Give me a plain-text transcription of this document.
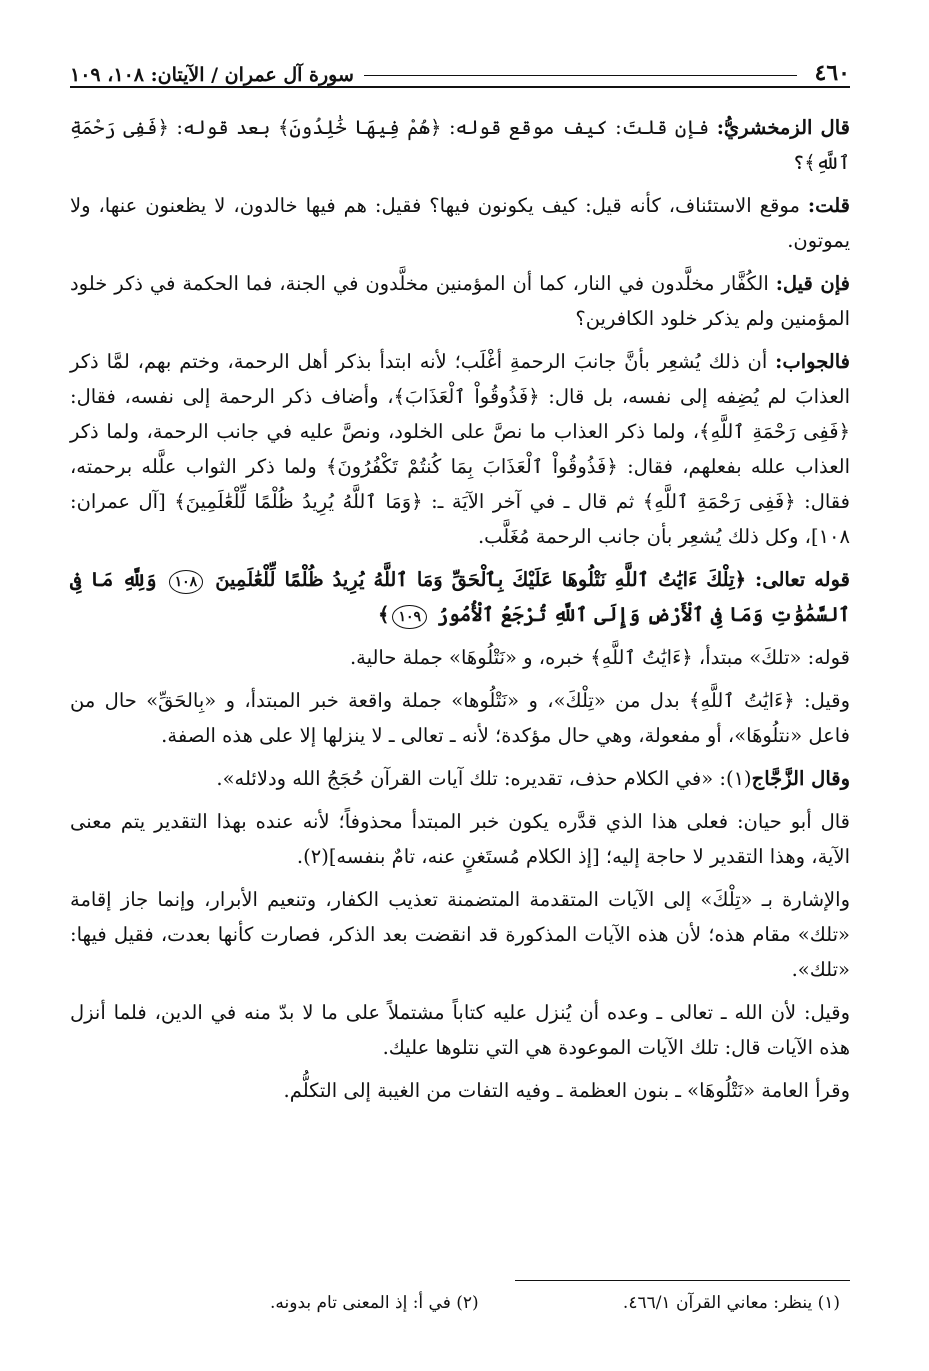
٤٦٠
سورة آل عمران / الآيتان: ١٠٨، ١٠٩

قال الزمخشريُّ: فإن قلتَ: كيف موقع قوله: ﴿هُمْ فِيهَا خَٰلِدُونَ﴾ بعد قوله: ﴿فَفِى رَحْمَةِ ٱللَّهِ﴾؟

قلت: موقع الاستئناف، كأنه قيل: كيف يكونون فيها؟ فقيل: هم فيها خالدون، لا يظعنون عنها، ولا يموتون.

فإن قيل: الكُفَّار مخلَّدون في النار، كما أن المؤمنين مخلَّدون في الجنة، فما الحكمة في ذكر خلود المؤمنين ولم يذكر خلود الكافرين؟

فالجواب: أن ذلك يُشعِر بأنَّ جانبَ الرحمةِ أغْلَب؛ لأنه ابتدأ بذكر أهل الرحمة، وختم بهم، لمَّا ذكر العذابَ لم يُضِفه إلى نفسه، بل قال: ﴿فَذُوقُواْ ٱلْعَذَابَ﴾، وأضاف ذكر الرحمة إلى نفسه، فقال: ﴿فَفِى رَحْمَةِ ٱللَّهِ﴾، ولما ذكر العذاب ما نصَّ على الخلود، ونصَّ عليه في جانب الرحمة، ولما ذكر العذاب علله بفعلهم، فقال: ﴿فَذُوقُواْ ٱلْعَذَابَ بِمَا كُنتُمْ تَكْفُرُونَ﴾ ولما ذكر الثواب علَّله برحمته، فقال: ﴿فَفِى رَحْمَةِ ٱللَّهِ﴾ ثم قال ـ في آخر الآيَة ـ: ﴿وَمَا ٱللَّهُ يُرِيدُ ظُلْمًا لِّلْعَٰلَمِينَ﴾ [آل عمران: ١٠٨]، وكل ذلك يُشعِر بأن جانب الرحمة مُغَلَّب.

قوله تعالى: ﴿تِلْكَ ءَايَٰتُ ٱللَّهِ نَتْلُوهَا عَلَيْكَ بِٱلْحَقِّ وَمَا ٱللَّهُ يُرِيدُ ظُلْمًا لِّلْعَٰلَمِينَ ١٠٨ وَلِلَّهِ مَا فِى ٱلسَّمَٰوَٰتِ وَمَا فِى ٱلْأَرْضِ وَإِلَى ٱللَّهِ تُرْجَعُ ٱلْأُمُورُ ١٠٩﴾

قوله: «تلكَ» مبتدأ، ﴿ءَايَٰتُ ٱللَّهِ﴾ خبره، و «نَتْلُوهَا» جملة حالية.

وقيل: ﴿ءَايَٰتُ ٱللَّهِ﴾ بدل من «تِلْكَ»، و «نَتْلُوها» جملة واقعة خبر المبتدأ، و «بِالحَقِّ» حال من فاعل «نتلُوهَا»، أو مفعولة، وهي حال مؤكدة؛ لأنه ـ تعالى ـ لا ينزلها إلا على هذه الصفة.

وقال الزَّجَّاج(١): «في الكلام حذف، تقديره: تلك آيات القرآن حُجَجُ الله ودلائله».

قال أبو حيان: فعلى هذا الذي قدَّره يكون خبر المبتدأ محذوفاً؛ لأنه عنده بهذا التقدير يتم معنى الآية، وهذا التقدير لا حاجة إليه؛ [إذ الكلام مُستَغنٍ عنه، تامٌ بنفسه](٢).

والإشارة بـ «تِلْكَ» إلى الآيات المتقدمة المتضمنة تعذيب الكفار، وتنعيم الأبرار، وإنما جاز إقامة «تلك» مقام هذه؛ لأن هذه الآيات المذكورة قد انقضت بعد الذكر، فصارت كأنها بعدت، فقيل فيها: «تلك».

وقيل: لأن الله ـ تعالى ـ وعده أن يُنزل عليه كتاباً مشتملاً على ما لا بدّ منه في الدين، فلما أنزل هذه الآيات قال: تلك الآيات الموعودة هي التي نتلوها عليك.

وقرأ العامة «نَتْلُوهَا» ـ بنون العظمة ـ وفيه التفات من الغيبة إلى التكلُّم.

(١) ينظر: معاني القرآن ٤٦٦/١.
(٢) في أ: إذ المعنى تام بدونه.
